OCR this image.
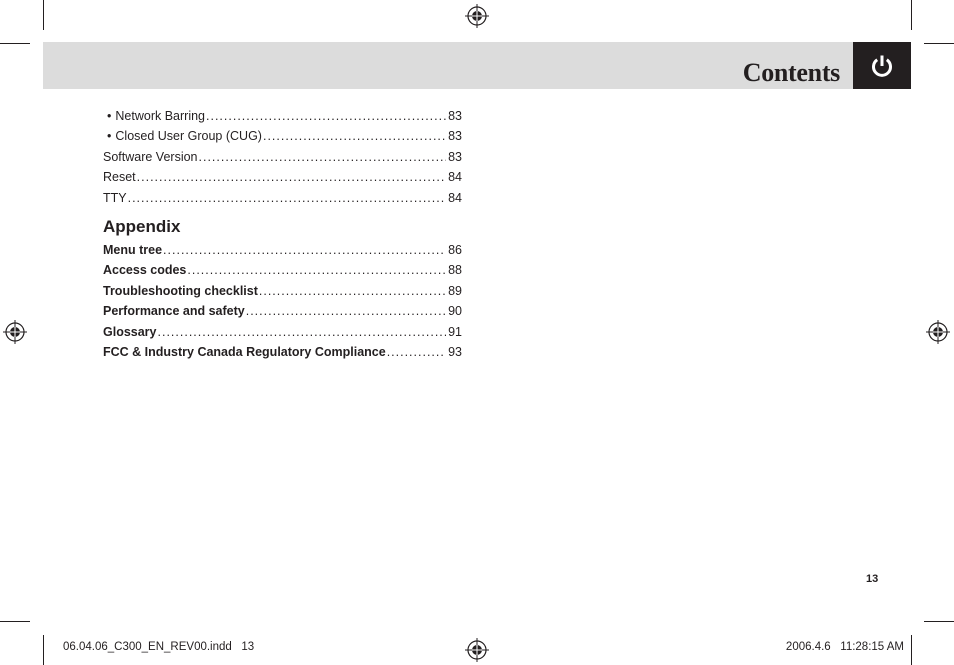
Contents
• Network Barring .....	83
• Closed User Group (CUG) .....	83
Software Version .....	83
Reset .....	84
TTY .....	84
Appendix
Menu tree .....	86
Access codes .....	88
Troubleshooting checklist .....	89
Performance and safety .....	90
Glossary .....	91
FCC & Industry Canada Regulatory Compliance .....	93
13
06.04.06_C300_EN_REV00.indd   13	2006.4.6   11:28:15 AM
